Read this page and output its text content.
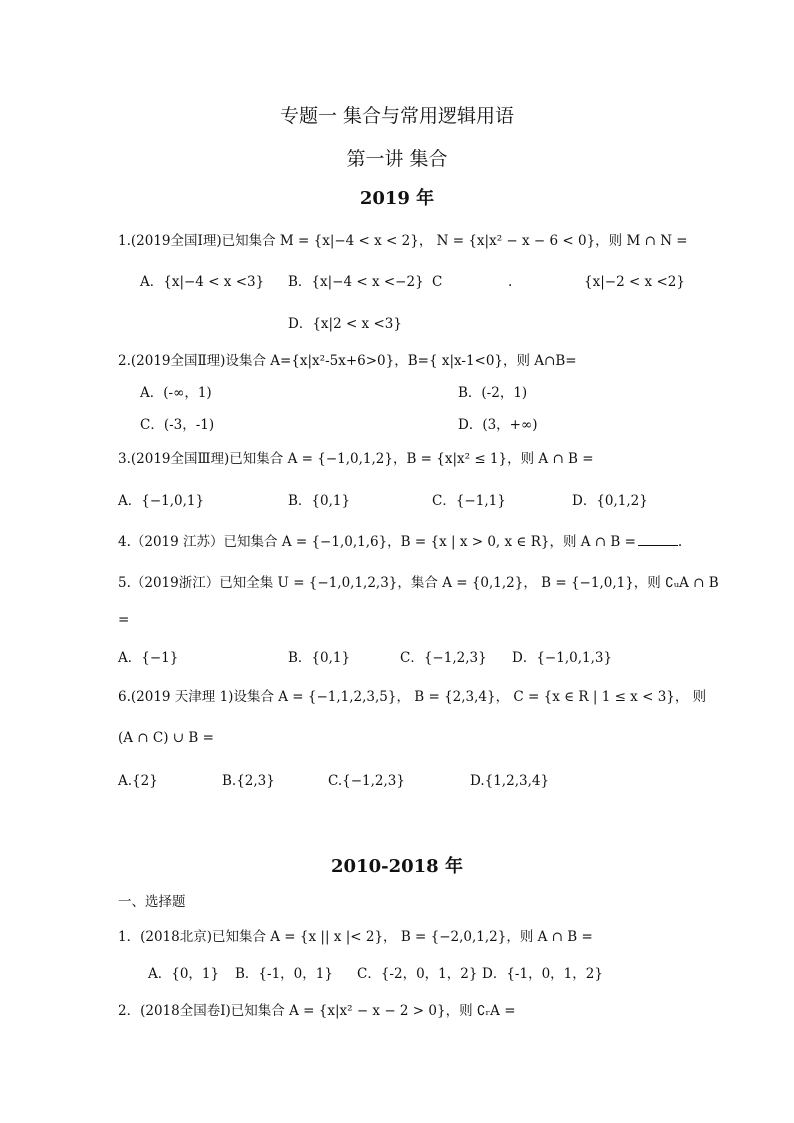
专题一 集合与常用逻辑用语
第一讲 集合
2019 年
1.(2019全国Ⅰ理)已知集合 M = {x|−4 < x < 2}， N = {x|x² − x − 6 < 0}，则 M ∩ N =
A．{x|−4 < x <3} B．{x|−4 < x <−2} C	.	{x|−2 < x <2}
D．{x|2 < x <3}
2.(2019全国Ⅱ理)设集合 A={x|x²-5x+6>0}，B={ x|x-1<0}，则 A∩B=
A．(-∞，1)	B．(-2，1)
C．(-3，-1)	D．(3，+∞)
3.(2019全国Ⅲ理)已知集合 A = {−1,0,1,2}，B = {x|x² ≤ 1}，则 A ∩ B =
A．{−1,0,1}	B．{0,1}	C．{−1,1}	D．{0,1,2}
4.（2019 江苏）已知集合 A = {−1,0,1,6}，B = {x | x > 0, x ∈ R}，则 A ∩ B =	.
5.（2019浙江）已知全集 U = {−1,0,1,2,3}，集合 A = {0,1,2}， B = {−1,0,1}，则 ∁ᵤA ∩ B
=
A．{−1}	B．{0,1}	C．{−1,2,3} D．{−1,0,1,3}
6.(2019 天津理 1)设集合 A = {−1,1,2,3,5}， B = {2,3,4}， C = {x ∈ R | 1 ≤ x < 3}， 则
(A ∩ C) ∪ B =
A.{2}	B.{2,3}	C.{−1,2,3}	D.{1,2,3,4}
2010-2018 年
一、选择题
1．(2018北京)已知集合 A = {x || x |< 2}， B = {−2,0,1,2}，则 A ∩ B =
A．{0，1} B．{-1，0，1} C．{-2，0，1，2} D．{-1，0，1，2}
2．(2018全国卷Ⅰ)已知集合 A = {x|x² − x − 2 > 0}，则 ∁ᵣA =
